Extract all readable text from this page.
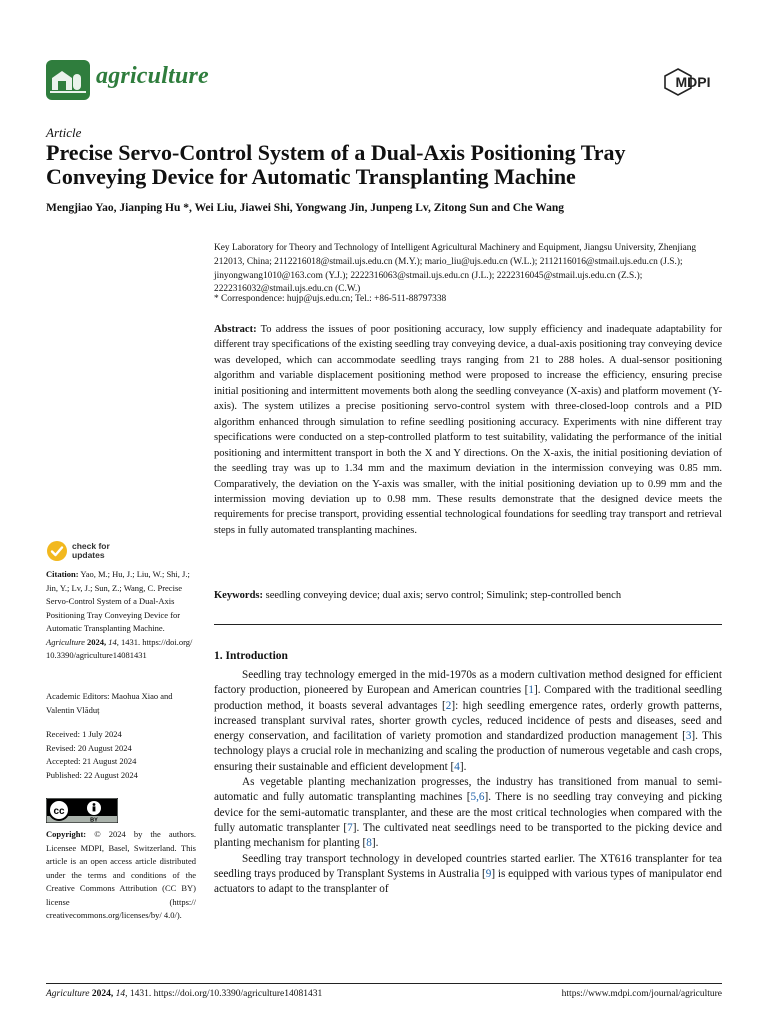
agriculture	MDPI
Article
Precise Servo-Control System of a Dual-Axis Positioning Tray Conveying Device for Automatic Transplanting Machine
Mengjiao Yao, Jianping Hu *, Wei Liu, Jiawei Shi, Yongwang Jin, Junpeng Lv, Zitong Sun and Che Wang
Key Laboratory for Theory and Technology of Intelligent Agricultural Machinery and Equipment, Jiangsu University, Zhenjiang 212013, China; 2112216018@stmail.ujs.edu.cn (M.Y.); mario_liu@ujs.edu.cn (W.L.); 2112116016@stmail.ujs.edu.cn (J.S.); jinyongwang1010@163.com (Y.J.); 2222316063@stmail.ujs.edu.cn (J.L.); 2222316045@stmail.ujs.edu.cn (Z.S.); 2222316032@stmail.ujs.edu.cn (C.W.)
* Correspondence: hujp@ujs.edu.cn; Tel.: +86-511-88797338
Abstract: To address the issues of poor positioning accuracy, low supply efficiency and inadequate adaptability for different tray specifications of the existing seedling tray conveying device, a dual-axis positioning tray conveying device was developed, which can accommodate seedling trays ranging from 21 to 288 holes. A dual-sensor positioning algorithm and variable displacement positioning method were proposed to increase the efficiency, ensuring precise initial positioning and intermittent movements both along the seedling conveyance (X-axis) and platform movement (Y-axis). The system utilizes a precise positioning servo-control system with three-closed-loop controls and a PID algorithm enhanced through simulation to refine seedling positioning accuracy. Experiments with nine different tray specifications were conducted on a step-controlled platform to test suitability, validating the performance of the initial positioning and intermittent transport in both the X and Y directions. On the X-axis, the initial positioning deviation of the seedling tray was up to 1.34 mm and the maximum deviation in the intermission conveying was 0.85 mm. Comparatively, the deviation on the Y-axis was smaller, with the initial positioning deviation up to 0.99 mm and the intermission moving deviation up to 0.98 mm. These results demonstrate that the designed device meets the requirements for precise transport, providing essential technological foundations for seedling tray transport and retrieval steps in fully automated transplanting machines.
Keywords: seedling conveying device; dual axis; servo control; Simulink; step-controlled bench
1. Introduction

Seedling tray technology emerged in the mid-1970s as a modern cultivation method designed for efficient factory production, pioneered by European and American countries [1]. Compared with the traditional seedling production method, it boasts several advantages [2]: high seedling emergence rates, orderly growth patterns, increased transplant survival rates, shorter growth cycles, reduced incidence of pests and diseases, seed and energy conservation, and facilitation of variety promotion and standardized production management [3]. This technology plays a crucial role in mechanizing and scaling the production of numerous vegetable and cash crops, ensuring their sustainable and efficient development [4].

As vegetable planting mechanization progresses, the industry has transitioned from manual to semi-automatic and fully automatic transplanting machines [5,6]. There is no seedling tray conveying and picking device for the semi-automatic transplanter, and these are the most critical technologies when compared with the fully automatic transplanter [7]. The cultivated neat seedlings need to be transported to the picking device and planting mechanism for planting [8].

Seedling tray transport technology in developed countries started earlier. The XT616 transplanter for tea seedling trays produced by Transplant Systems in Australia [9] is equipped with various types of manipulator end actuators to adapt to the transplanter of

check for
updates
Citation: Yao, M.; Hu, J.; Liu, W.; Shi, J.; Jin, Y.; Lv, J.; Sun, Z.; Wang, C. Precise Servo-Control System of a Dual-Axis Positioning Tray Conveying Device for Automatic Transplanting Machine. Agriculture 2024, 14, 1431. https://doi.org/ 10.3390/agriculture14081431
Academic Editors: Maohua Xiao and Valentin Vlăduț
Received: 1 July 2024
Revised: 20 August 2024
Accepted: 21 August 2024
Published: 22 August 2024
cc
BY
Copyright: © 2024 by the authors. Licensee MDPI, Basel, Switzerland. This article is an open access article distributed under the terms and conditions of the Creative Commons Attribution (CC BY) license (https:// creativecommons.org/licenses/by/ 4.0/).
Agriculture 2024, 14, 1431. https://doi.org/10.3390/agriculture14081431	https://www.mdpi.com/journal/agriculture
